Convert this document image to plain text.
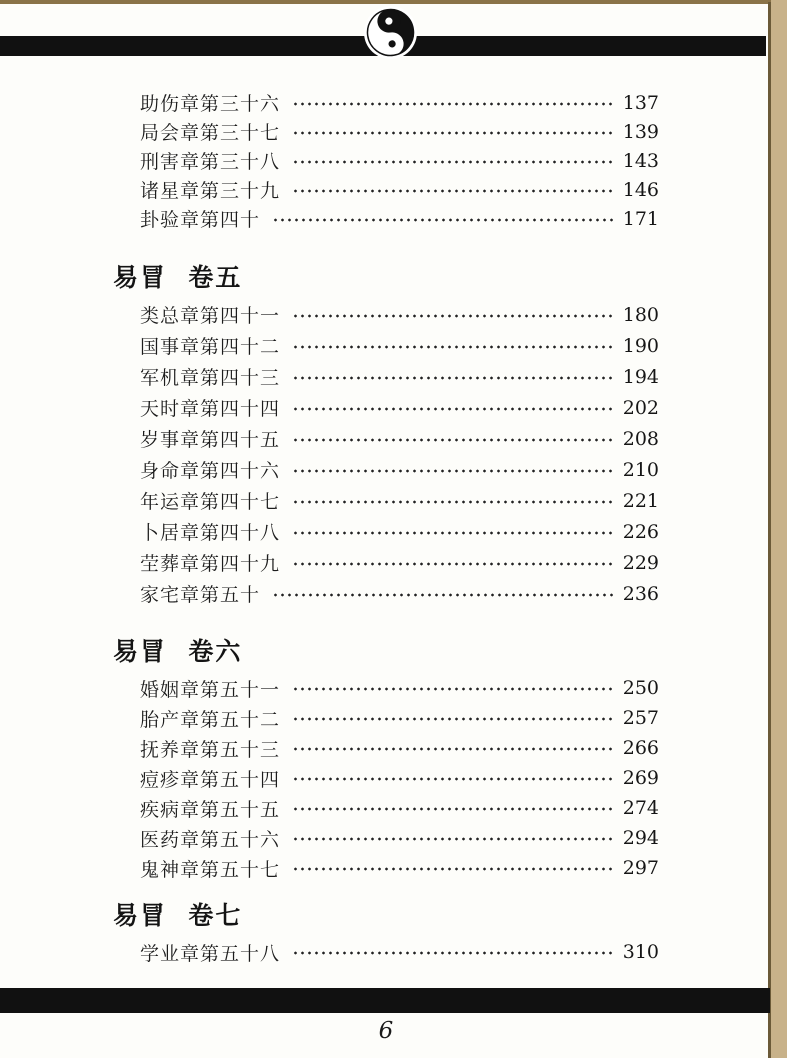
助伤章第三十六	137
局会章第三十七	139
刑害章第三十八	143
诸星章第三十九	146
卦验章第四十	171
易冒  卷五
类总章第四十一	180
国事章第四十二	190
军机章第四十三	194
天时章第四十四	202
岁事章第四十五	208
身命章第四十六	210
年运章第四十七	221
卜居章第四十八	226
茔葬章第四十九	229
家宅章第五十	236
易冒  卷六
婚姻章第五十一	250
胎产章第五十二	257
抚养章第五十三	266
痘疹章第五十四	269
疾病章第五十五	274
医药章第五十六	294
鬼神章第五十七	297
易冒  卷七
学业章第五十八	310
6
